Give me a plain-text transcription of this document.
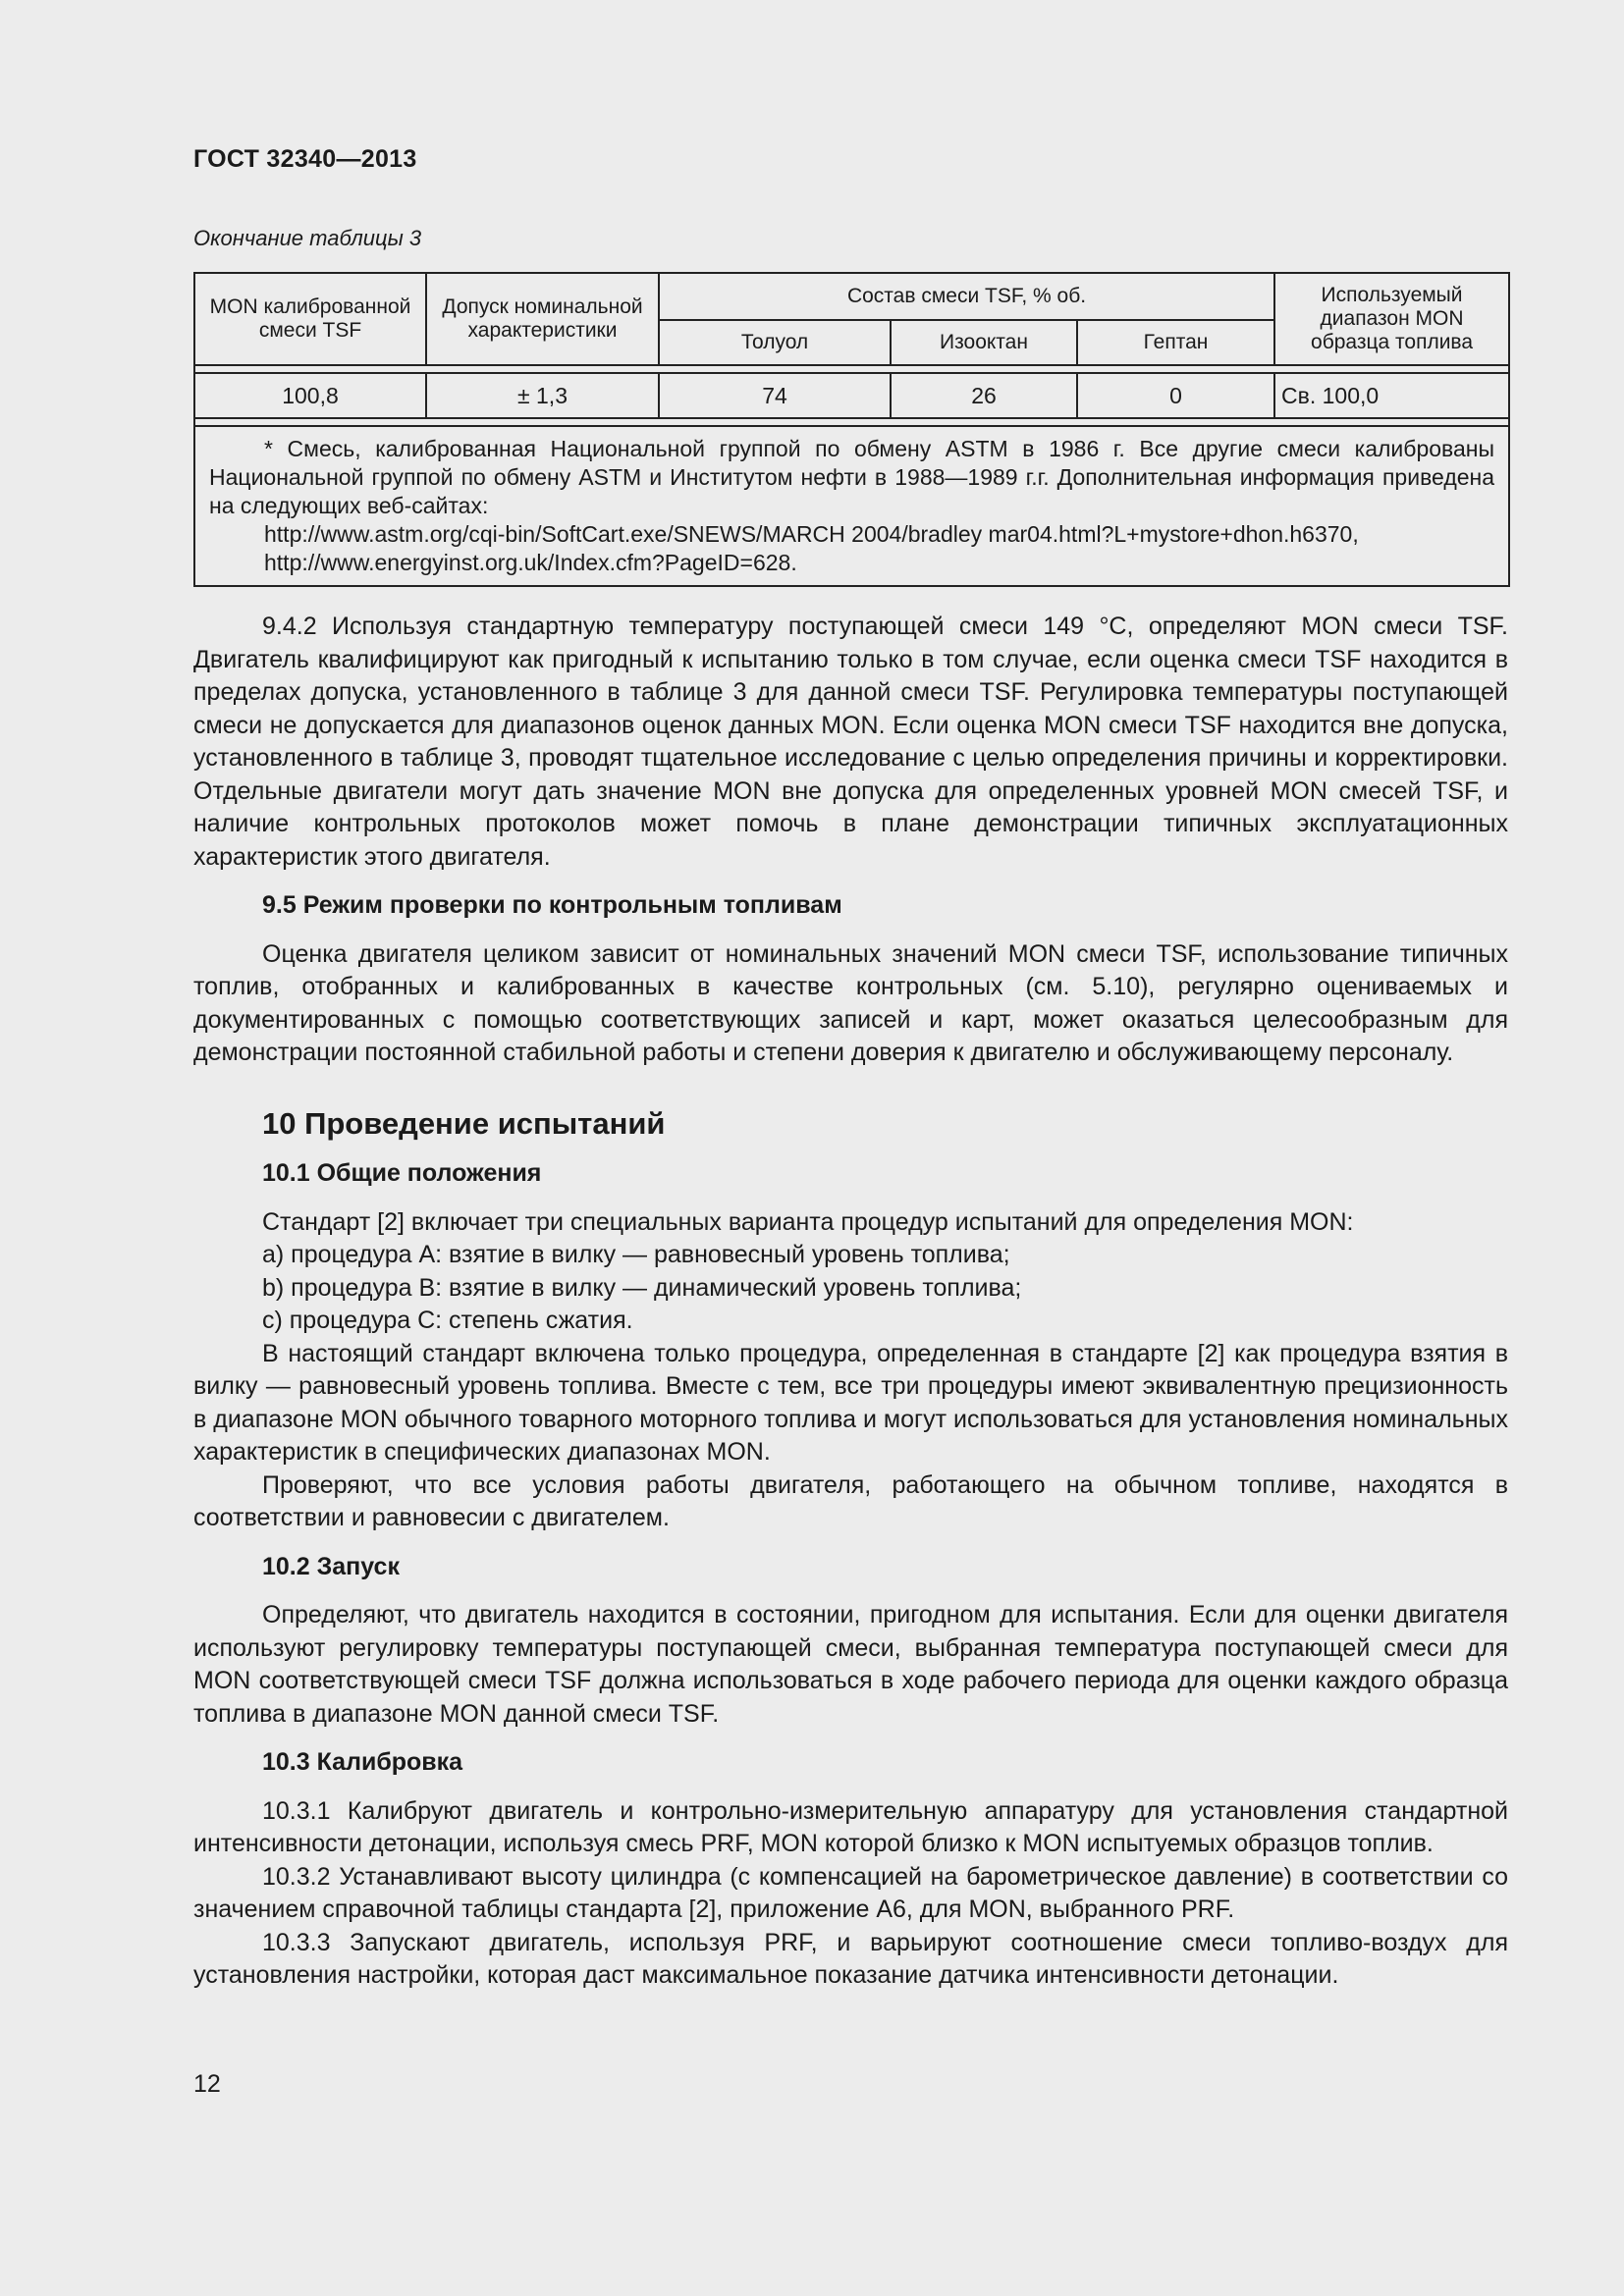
ГОСТ 32340—2013
Окончание таблицы 3
MON калиброванной смеси TSF	Допуск номинальной характеристики	Состав смеси TSF, % об.			Используемый диапазон MON образца топлива
		Толуол	Изооктан	Гептан	

100,8	± 1,3	74	26	0	Св. 100,0

* Смесь, калиброванная Национальной группой по обмену ASTM в 1986 г. Все другие смеси калиброваны Национальной группой по обмену ASTM и Институтом нефти в 1988—1989 г.г. Дополнительная информация приведена на следующих веб-сайтах:
http://www.astm.org/cqi-bin/SoftCart.exe/SNEWS/MARCH 2004/bradley mar04.html?L+mystore+dhon.h6370,
http://www.energyinst.org.uk/Index.cfm?PageID=628.					

9.4.2 Используя стандартную температуру поступающей смеси 149 °С, определяют MON смеси TSF. Двигатель квалифицируют как пригодный к испытанию только в том случае, если оценка смеси TSF находится в пределах допуска, установленного в таблице 3 для данной смеси TSF. Регулировка температуры поступающей смеси не допускается для диапазонов оценок данных MON. Если оценка MON смеси TSF находится вне допуска, установленного в таблице 3, проводят тщательное исследование с целью определения причины и корректировки. Отдельные двигатели могут дать значение MON вне допуска для определенных уровней MON смесей TSF, и наличие контрольных протоколов может помочь в плане демонстрации типичных эксплуатационных характеристик этого двигателя.

9.5 Режим проверки по контрольным топливам

Оценка двигателя целиком зависит от номинальных значений MON смеси TSF, использование типичных топлив, отобранных и калиброванных в качестве контрольных (см. 5.10), регулярно оцениваемых и документированных с помощью соответствующих записей и карт, может оказаться целесообразным для демонстрации постоянной стабильной работы и степени доверия к двигателю и обслуживающему персоналу.

10 Проведение испытаний
10.1 Общие положения

Стандарт [2] включает три специальных варианта процедур испытаний для определения MON:

a) процедура А: взятие в вилку — равновесный уровень топлива;

b) процедура В: взятие в вилку — динамический уровень топлива;

c) процедура С: степень сжатия.

В настоящий стандарт включена только процедура, определенная в стандарте [2] как процедура взятия в вилку — равновесный уровень топлива. Вместе с тем, все три процедуры имеют эквивалентную прецизионность в диапазоне MON обычного товарного моторного топлива и могут использоваться для установления номинальных характеристик в специфических диапазонах MON.

Проверяют, что все условия работы двигателя, работающего на обычном топливе, находятся в соответствии и равновесии с двигателем.

10.2 Запуск

Определяют, что двигатель находится в состоянии, пригодном для испытания. Если для оценки двигателя используют регулировку температуры поступающей смеси, выбранная температура поступающей смеси для MON соответствующей смеси TSF должна использоваться в ходе рабочего периода для оценки каждого образца топлива в диапазоне MON данной смеси TSF.

10.3 Калибровка

10.3.1 Калибруют двигатель и контрольно-измерительную аппаратуру для установления стандартной интенсивности детонации, используя смесь PRF, MON которой близко к MON испытуемых образцов топлив.

10.3.2 Устанавливают высоту цилиндра (с компенсацией на барометрическое давление) в соответствии со значением справочной таблицы стандарта [2], приложение А6, для MON, выбранного PRF.

10.3.3 Запускают двигатель, используя PRF, и варьируют соотношение смеси топливо-воздух для установления настройки, которая даст максимальное показание датчика интенсивности детонации.

12
